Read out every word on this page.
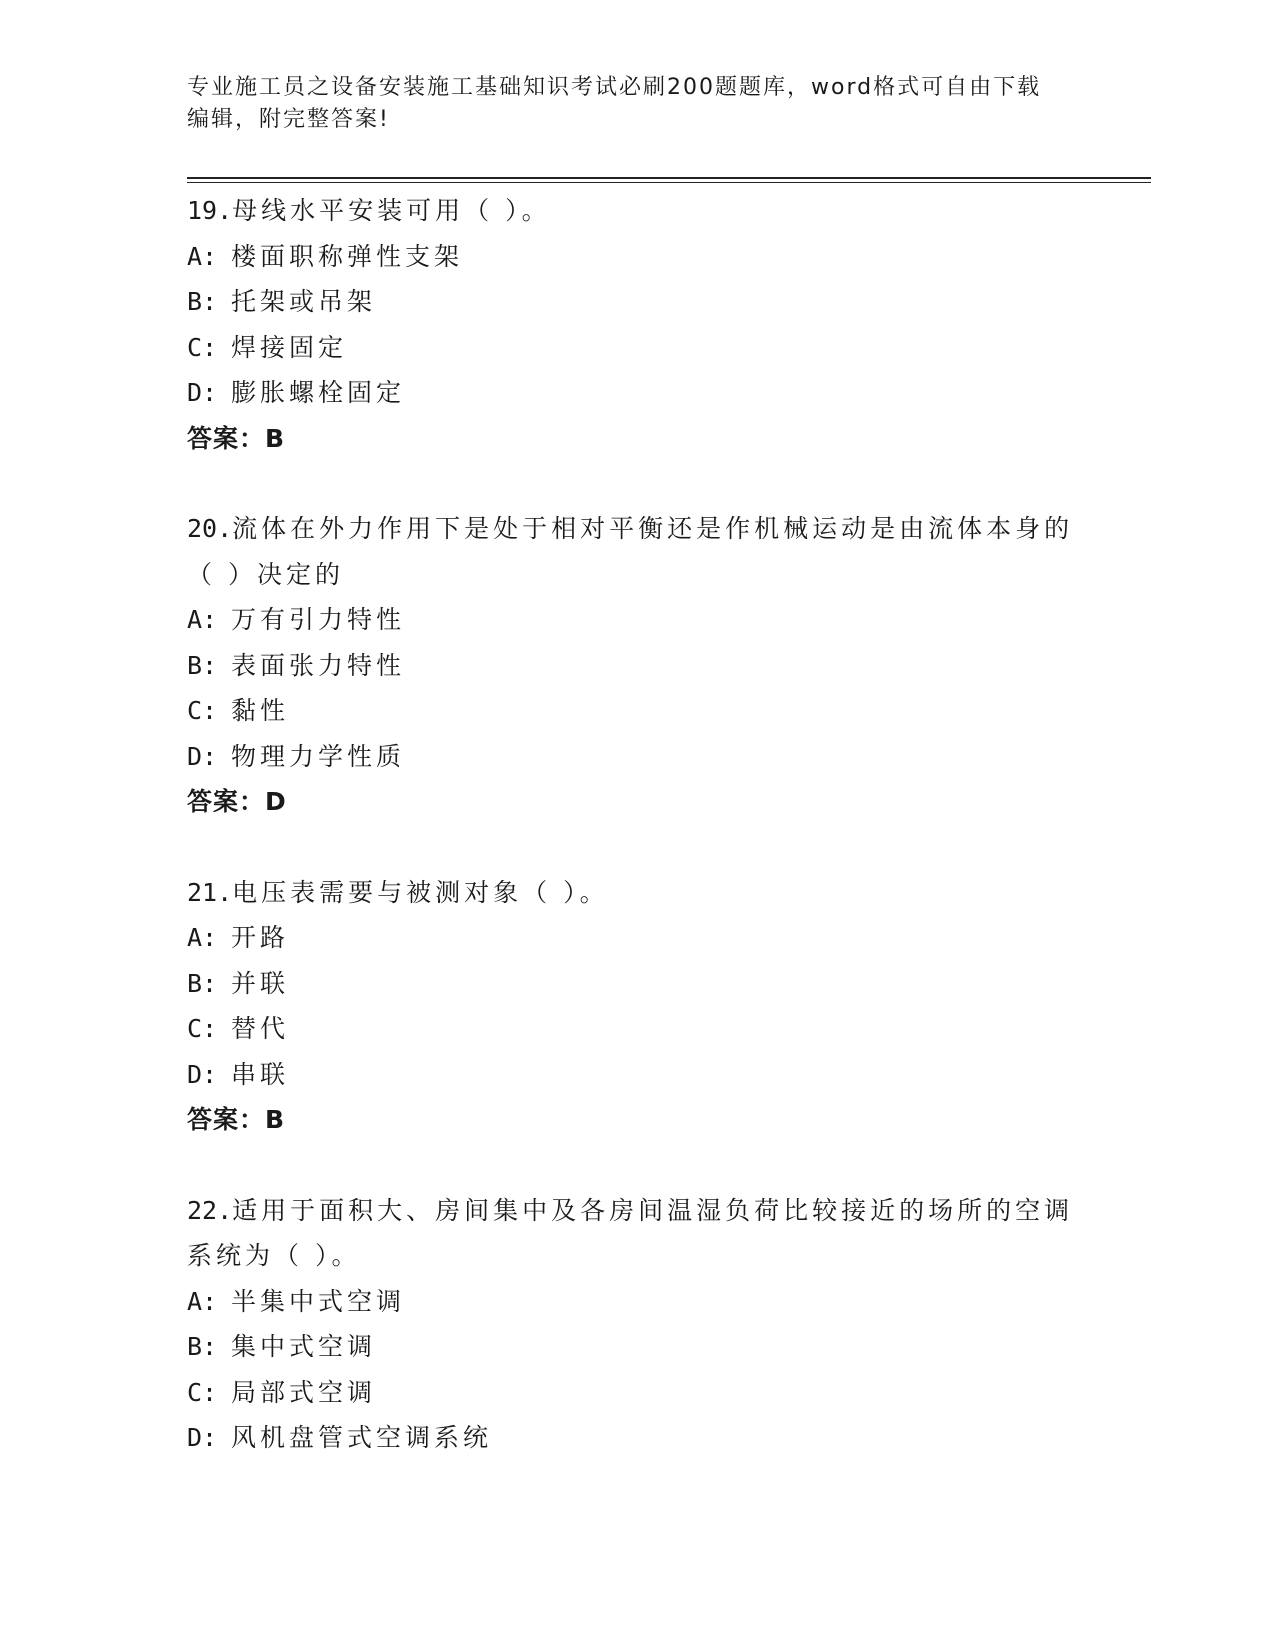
专业施工员之设备安装施工基础知识考试必刷200题题库，word格式可自由下载
编辑，附完整答案!
19.母线水平安装可用（ ）。
A: 楼面职称弹性支架
B: 托架或吊架
C: 焊接固定
D: 膨胀螺栓固定
答案：B
20.流体在外力作用下是处于相对平衡还是作机械运动是由流体本身的
（ ）决定的
A: 万有引力特性
B: 表面张力特性
C: 黏性
D: 物理力学性质
答案：D
21.电压表需要与被测对象（ ）。
A: 开路
B: 并联
C: 替代
D: 串联
答案：B
22.适用于面积大、房间集中及各房间温湿负荷比较接近的场所的空调
系统为（ ）。
A: 半集中式空调
B: 集中式空调
C: 局部式空调
D: 风机盘管式空调系统
